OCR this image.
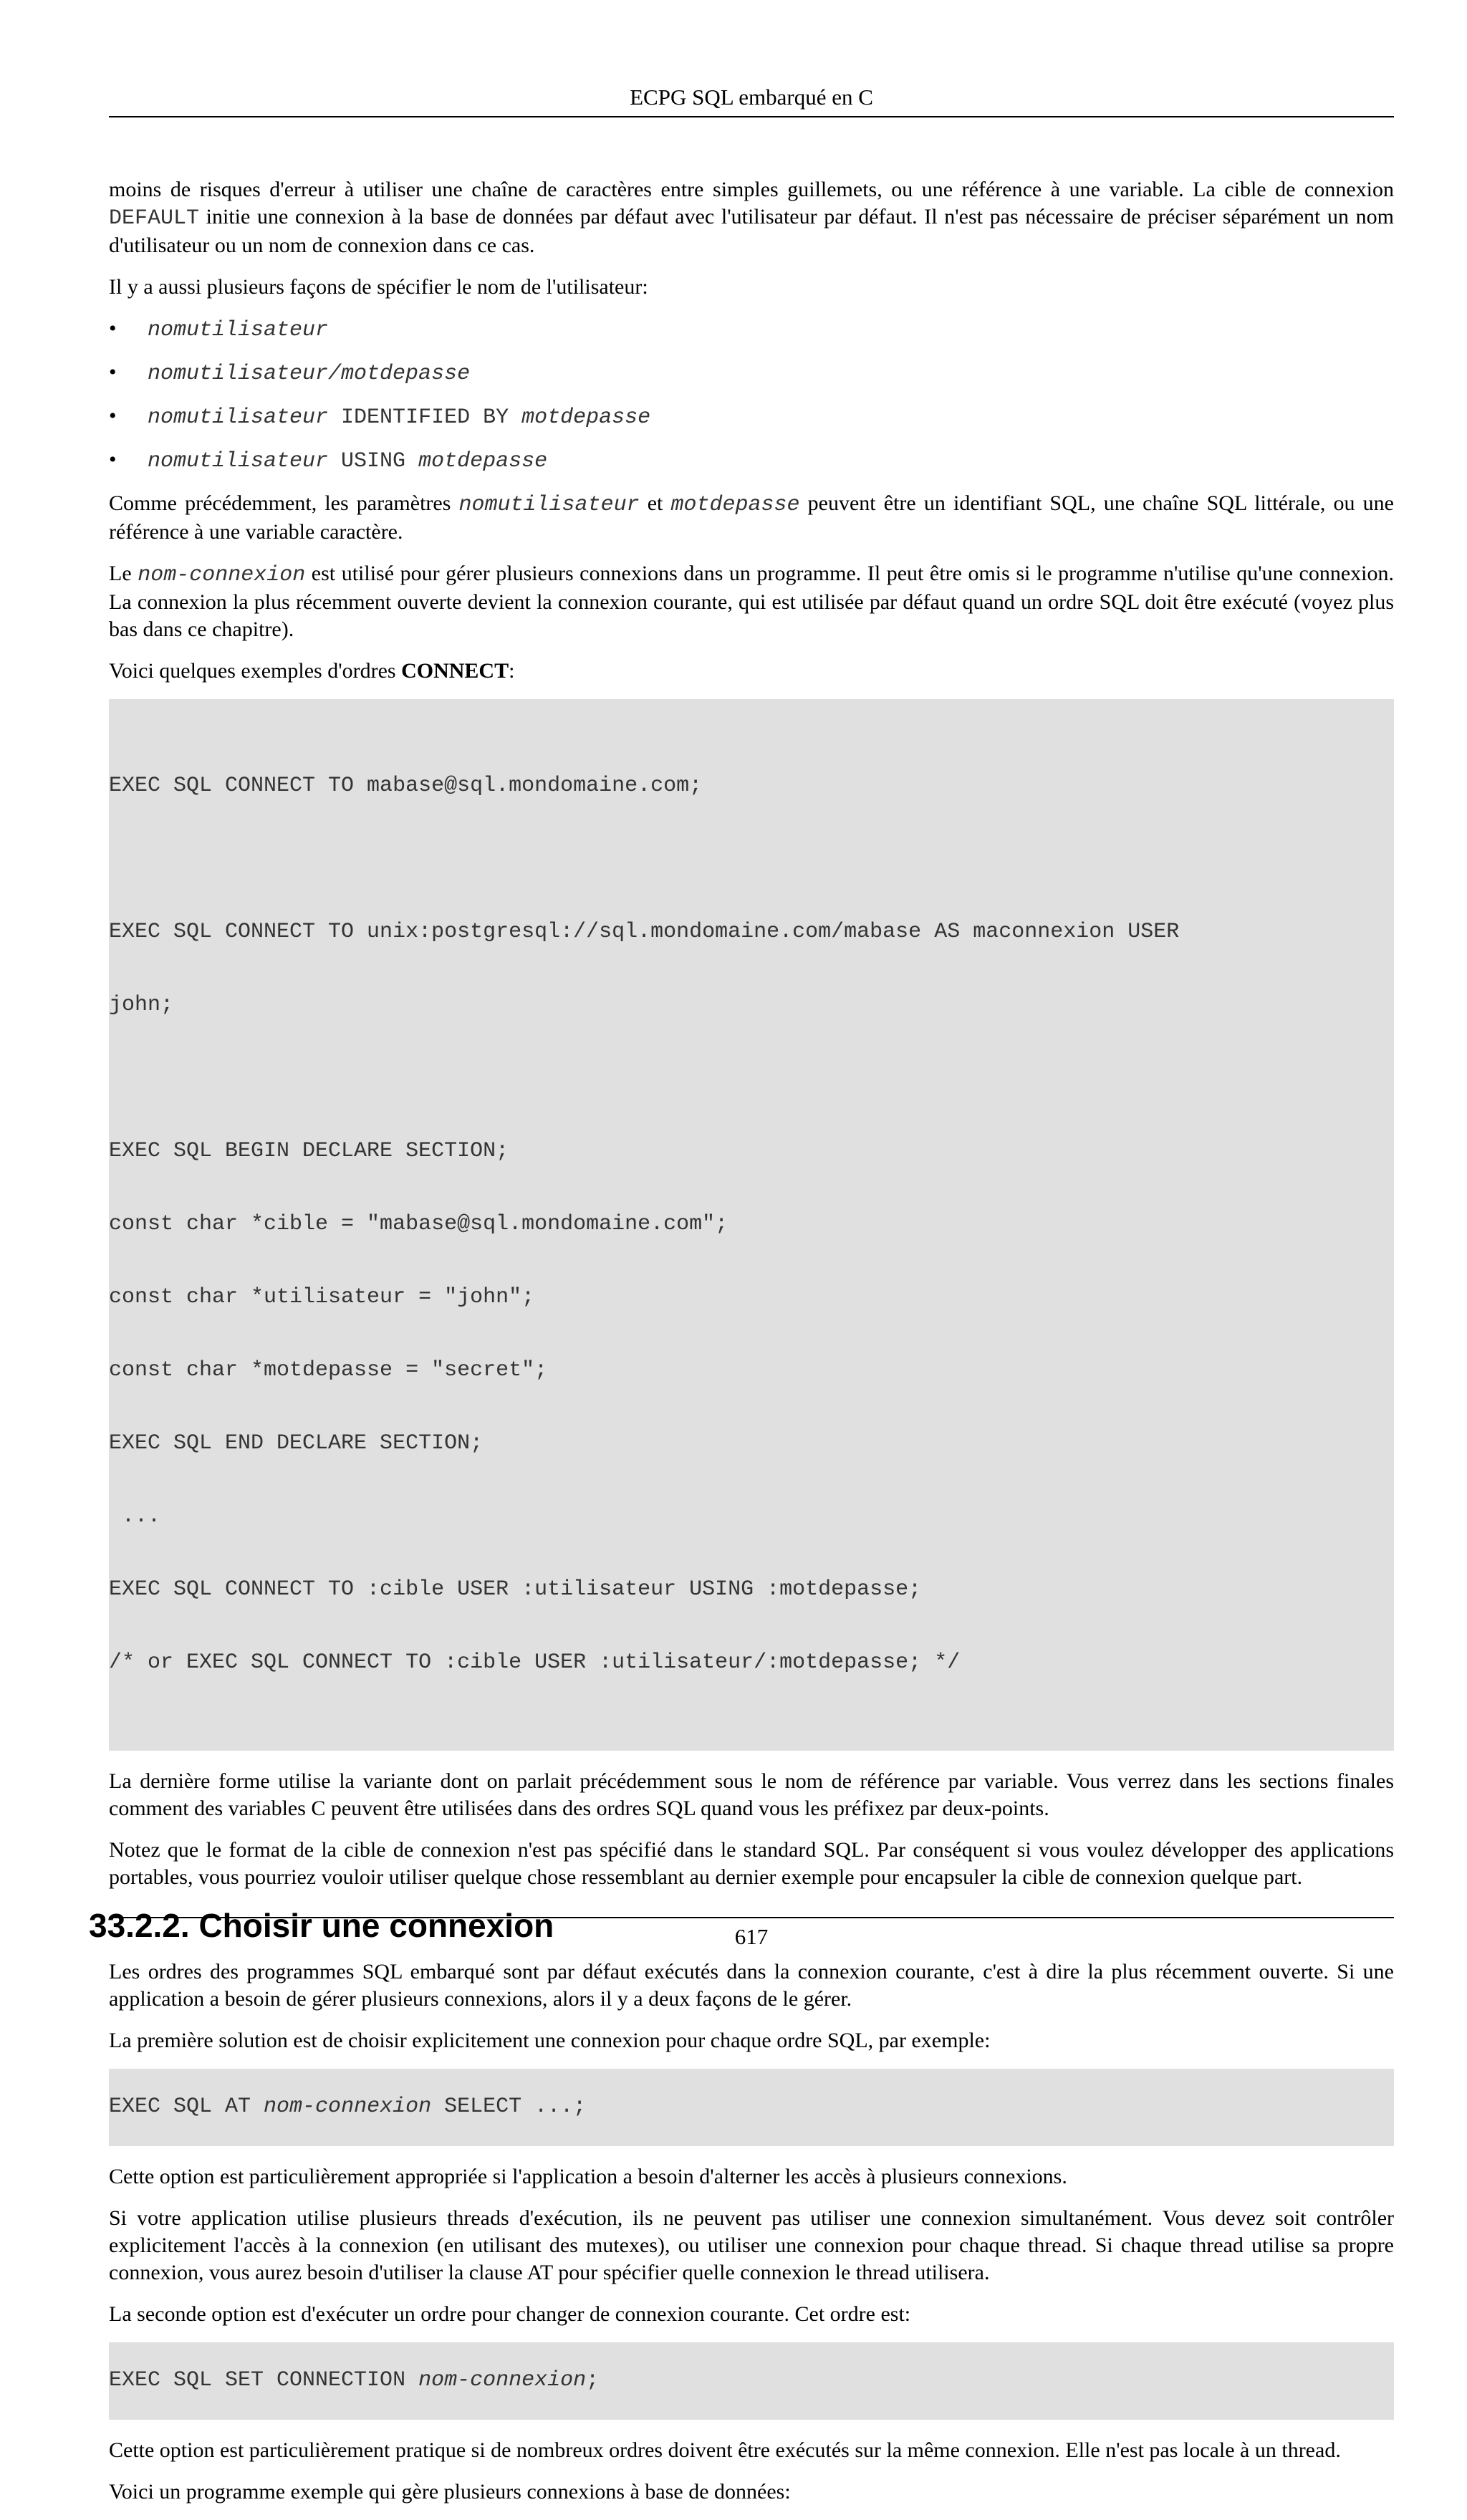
ECPG SQL embarqué en C

moins de risques d'erreur à utiliser une chaîne de caractères entre simples guillemets, ou une référence à une variable. La cible de connexion DEFAULT initie une connexion à la base de données par défaut avec l'utilisateur par défaut. Il n'est pas nécessaire de préciser séparément un nom d'utilisateur ou un nom de connexion dans ce cas.

Il y a aussi plusieurs façons de spécifier le nom de l'utilisateur:

• nomutilisateur
• nomutilisateur/motdepasse
• nomutilisateur IDENTIFIED BY motdepasse
• nomutilisateur USING motdepasse

Comme précédemment, les paramètres nomutilisateur et motdepasse peuvent être un identifiant SQL, une chaîne SQL littérale, ou une référence à une variable caractère.

Le nom-connexion est utilisé pour gérer plusieurs connexions dans un programme. Il peut être omis si le programme n'utilise qu'une connexion. La connexion la plus récemment ouverte devient la connexion courante, qui est utilisée par défaut quand un ordre SQL doit être exécuté (voyez plus bas dans ce chapitre).

Voici quelques exemples d'ordres CONNECT:

EXEC SQL CONNECT TO mabase@sql.mondomaine.com;

EXEC SQL CONNECT TO unix:postgresql://sql.mondomaine.com/mabase AS maconnexion USER

john;

EXEC SQL BEGIN DECLARE SECTION;

const char *cible = "mabase@sql.mondomaine.com";

const char *utilisateur = "john";

const char *motdepasse = "secret";

EXEC SQL END DECLARE SECTION;

...

EXEC SQL CONNECT TO :cible USER :utilisateur USING :motdepasse;

/* or EXEC SQL CONNECT TO :cible USER :utilisateur/:motdepasse; */

La dernière forme utilise la variante dont on parlait précédemment sous le nom de référence par variable. Vous verrez dans les sections finales comment des variables C peuvent être utilisées dans des ordres SQL quand vous les préfixez par deux-points.

Notez que le format de la cible de connexion n'est pas spécifié dans le standard SQL. Par conséquent si vous voulez développer des applications portables, vous pourriez vouloir utiliser quelque chose ressemblant au dernier exemple pour encapsuler la cible de connexion quelque part.

33.2.2. Choisir une connexion

Les ordres des programmes SQL embarqué sont par défaut exécutés dans la connexion courante, c'est à dire la plus récemment ouverte. Si une application a besoin de gérer plusieurs connexions, alors il y a deux façons de le gérer.

La première solution est de choisir explicitement une connexion pour chaque ordre SQL, par exemple:

EXEC SQL AT nom-connexion SELECT ...;

Cette option est particulièrement appropriée si l'application a besoin d'alterner les accès à plusieurs connexions.

Si votre application utilise plusieurs threads d'exécution, ils ne peuvent pas utiliser une connexion simultanément. Vous devez soit contrôler explicitement l'accès à la connexion (en utilisant des mutexes), ou utiliser une connexion pour chaque thread. Si chaque thread utilise sa propre connexion, vous aurez besoin d'utiliser la clause AT pour spécifier quelle connexion le thread utilisera.

La seconde option est d'exécuter un ordre pour changer de connexion courante. Cet ordre est:

EXEC SQL SET CONNECTION nom-connexion;

Cette option est particulièrement pratique si de nombreux ordres doivent être exécutés sur la même connexion. Elle n'est pas locale à un thread.

Voici un programme exemple qui gère plusieurs connexions à base de données:

617
